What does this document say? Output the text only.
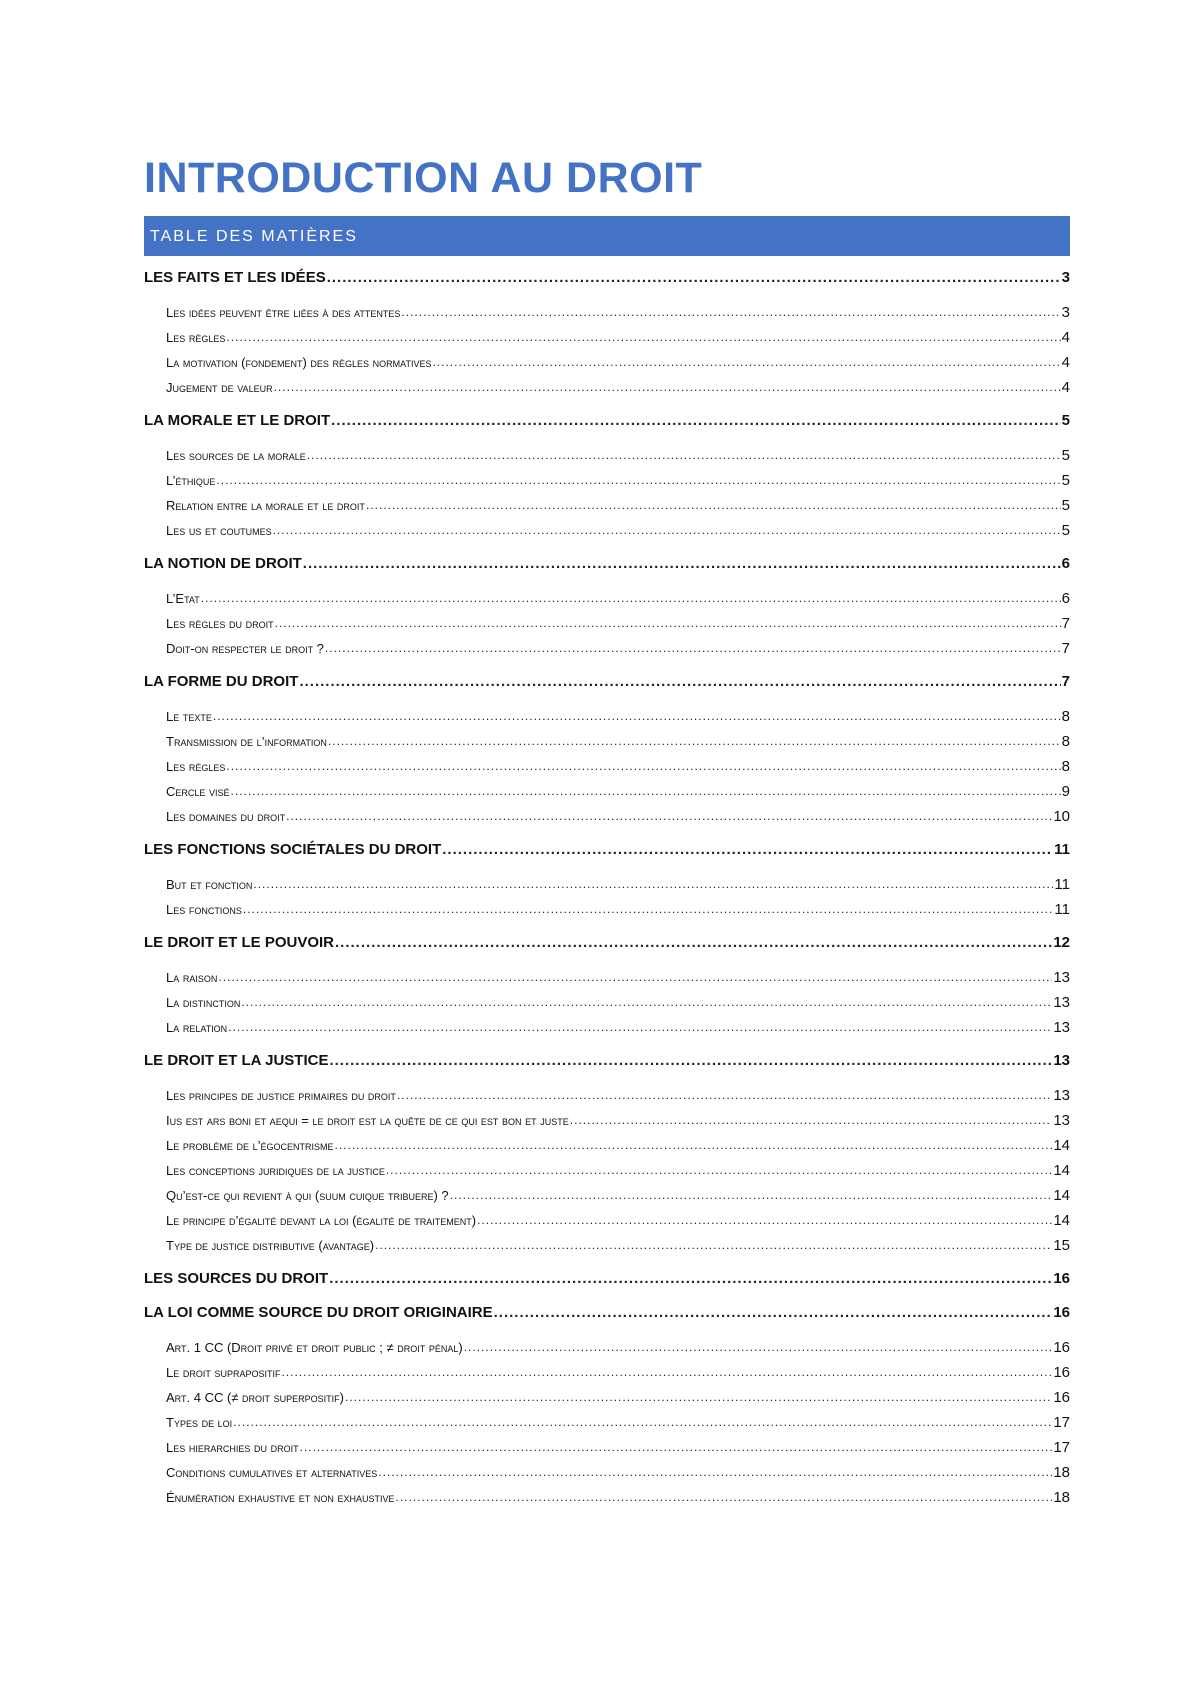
INTRODUCTION AU DROIT
TABLE DES MATIÈRES
LES FAITS ET LES IDÉES .....	3
Les idées peuvent être liées à des attentes .....	3
Les règles .....	4
La motivation (fondement) des règles normatives .....	4
Jugement de valeur .....	4
LA MORALE ET LE DROIT .....	5
Les sources de la morale .....	5
L’éthique .....	5
Relation entre la morale et le droit .....	5
Les us et coutumes .....	5
LA NOTION DE DROIT .....	6
L’Etat .....	6
Les règles du droit .....	7
Doit-on respecter le droit ? .....	7
LA FORME DU DROIT .....	7
Le texte .....	8
Transmission de l’information .....	8
Les règles .....	8
Cercle visé .....	9
Les domaines du droit .....	10
LES FONCTIONS SOCIÉTALES DU DROIT .....	11
But et fonction .....	11
Les fonctions .....	11
LE DROIT ET LE POUVOIR .....	12
La raison .....	13
La distinction .....	13
La relation .....	13
LE DROIT ET LA JUSTICE .....	13
Les principes de justice primaires du droit .....	13
Ius est ars boni et aequi = le droit est la quête de ce qui est bon et juste .....	13
Le problème de l’égocentrisme .....	14
Les conceptions juridiques de la justice .....	14
Qu’est-ce qui revient à qui (suum cuique tribuere) ? .....	14
Le principe d’égalité devant la loi (égalité de traitement) .....	14
Type de justice distributive (avantage) .....	15
LES SOURCES DU DROIT .....	16
LA LOI COMME SOURCE DU DROIT ORIGINAIRE .....	16
Art. 1 CC (Droit privé et droit public ; ≠ droit pénal) .....	16
Le droit suprapositif .....	16
Art. 4 CC (≠ droit superpositif) .....	16
Types de loi .....	17
Les hierarchies du droit .....	17
Conditions cumulatives et alternatives .....	18
Énumération exhaustive et non exhaustive .....	18
